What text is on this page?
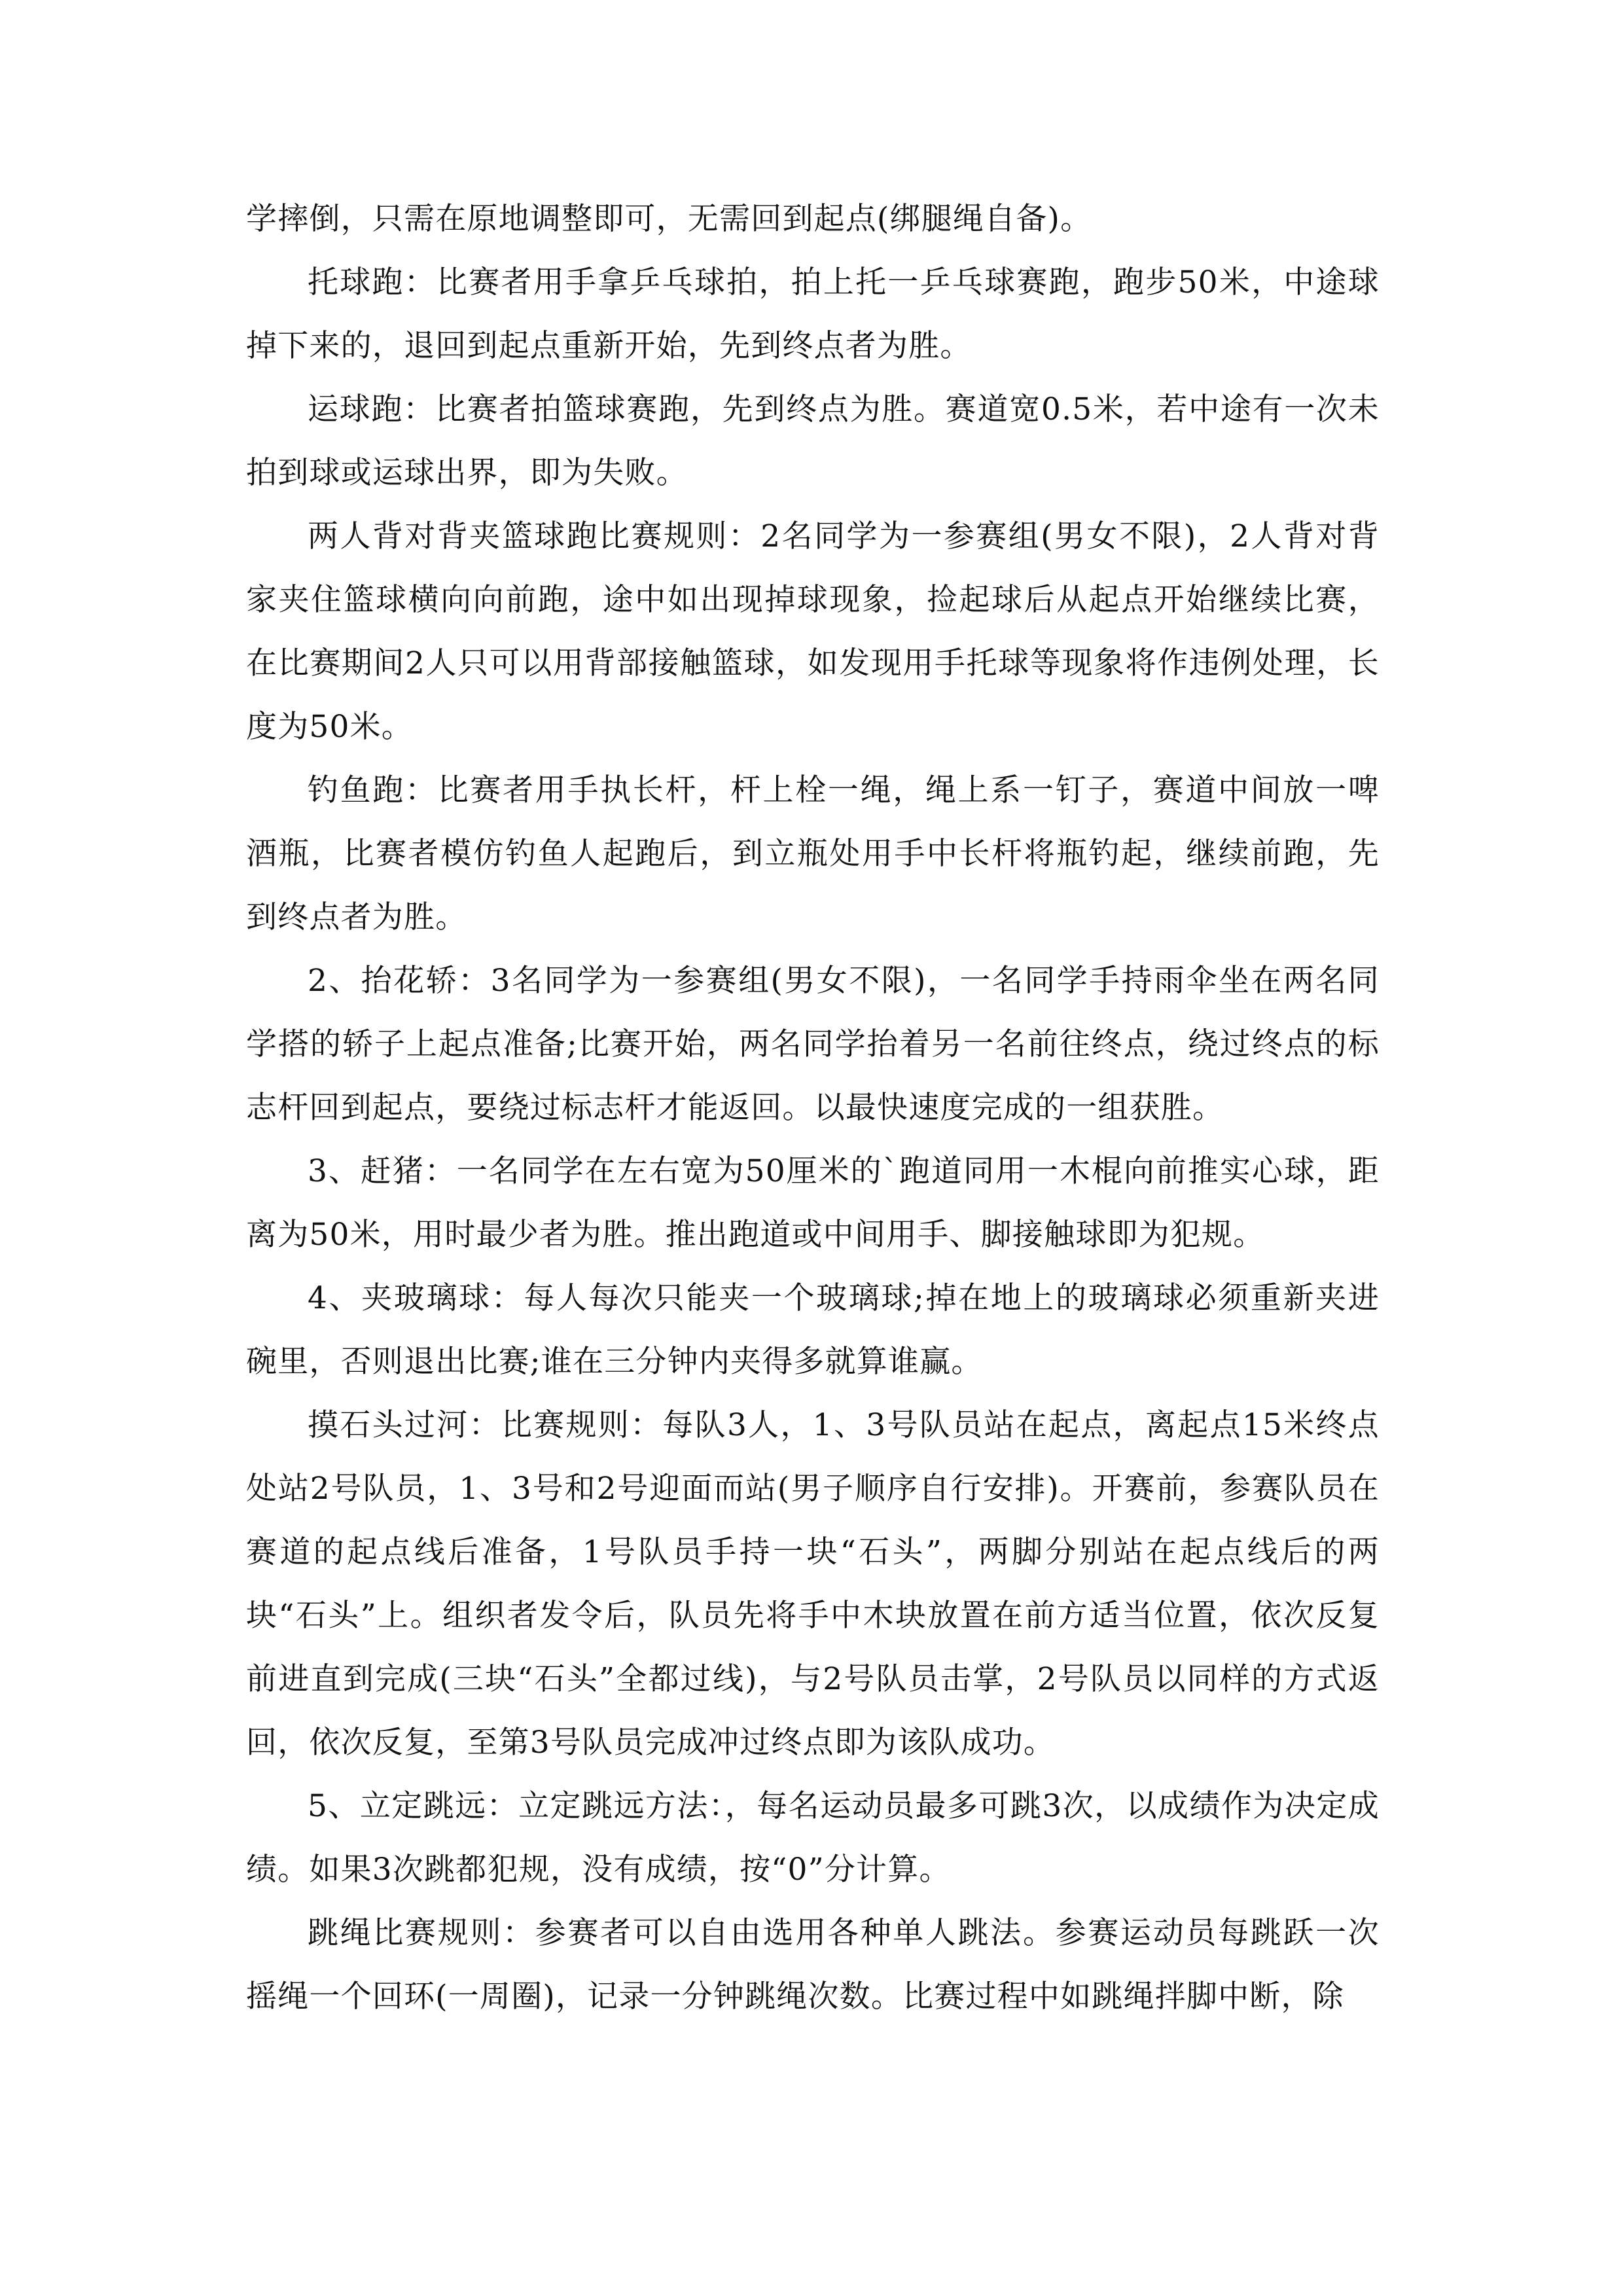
学摔倒，只需在原地调整即可，无需回到起点(绑腿绳自备)。

托球跑：比赛者用手拿乒乓球拍，拍上托一乒乓球赛跑，跑步50米，中途球掉下来的，退回到起点重新开始，先到终点者为胜。

运球跑：比赛者拍篮球赛跑，先到终点为胜。赛道宽0.5米，若中途有一次未拍到球或运球出界，即为失败。

两人背对背夹篮球跑比赛规则：2名同学为一参赛组(男女不限)，2人背对背家夹住篮球横向向前跑，途中如出现掉球现象，捡起球后从起点开始继续比赛，在比赛期间2人只可以用背部接触篮球，如发现用手托球等现象将作违例处理，长度为50米。

钓鱼跑：比赛者用手执长杆，杆上栓一绳，绳上系一钉子，赛道中间放一啤酒瓶，比赛者模仿钓鱼人起跑后，到立瓶处用手中长杆将瓶钓起，继续前跑，先到终点者为胜。

2、抬花轿：3名同学为一参赛组(男女不限)，一名同学手持雨伞坐在两名同学搭的轿子上起点准备;比赛开始，两名同学抬着另一名前往终点，绕过终点的标志杆回到起点，要绕过标志杆才能返回。以最快速度完成的一组获胜。

3、赶猪：一名同学在左右宽为50厘米的`跑道同用一木棍向前推实心球，距离为50米，用时最少者为胜。推出跑道或中间用手、脚接触球即为犯规。

4、夹玻璃球：每人每次只能夹一个玻璃球;掉在地上的玻璃球必须重新夹进碗里，否则退出比赛;谁在三分钟内夹得多就算谁赢。

摸石头过河：比赛规则：每队3人，1、3号队员站在起点，离起点15米终点处站2号队员，1、3号和2号迎面而站(男子顺序自行安排)。开赛前，参赛队员在赛道的起点线后准备，1号队员手持一块“石头”，两脚分别站在起点线后的两块“石头”上。组织者发令后，队员先将手中木块放置在前方适当位置，依次反复前进直到完成(三块“石头”全都过线)，与2号队员击掌，2号队员以同样的方式返回，依次反复，至第3号队员完成冲过终点即为该队成功。

5、立定跳远：立定跳远方法：，每名运动员最多可跳3次，以成绩作为决定成绩。如果3次跳都犯规，没有成绩，按“0”分计算。

跳绳比赛规则：参赛者可以自由选用各种单人跳法。参赛运动员每跳跃一次摇绳一个回环(一周圈)，记录一分钟跳绳次数。比赛过程中如跳绳拌脚中断，除
